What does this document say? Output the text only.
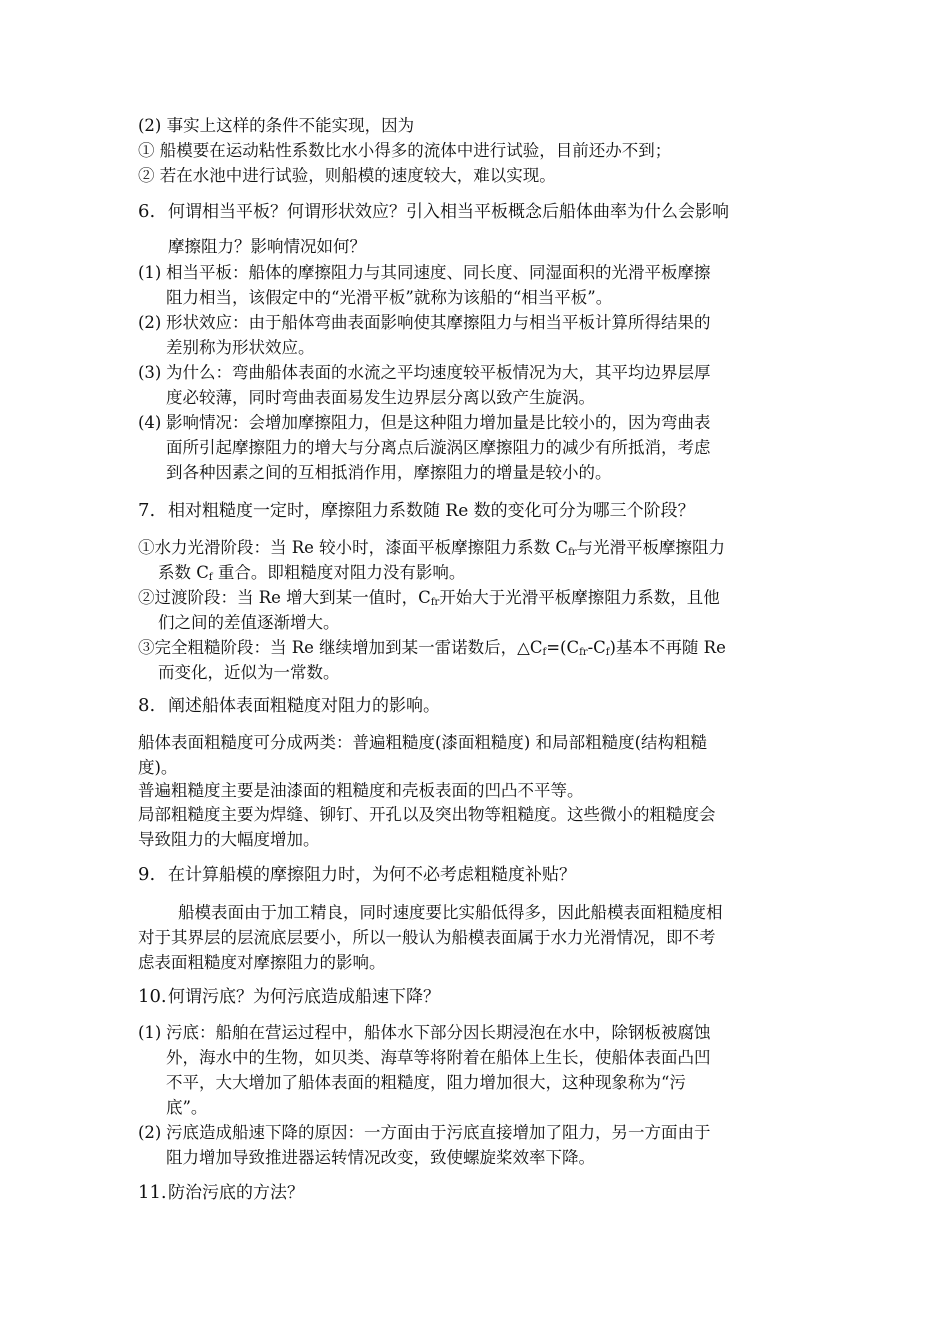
(2) 事实上这样的条件不能实现，因为
① 船模要在运动粘性系数比水小得多的流体中进行试验，目前还办不到；
② 若在水池中进行试验，则船模的速度较大，难以实现。
6. 何谓相当平板？何谓形状效应？引入相当平板概念后船体曲率为什么会影响
摩擦阻力？影响情况如何？
(1) 相当平板：船体的摩擦阻力与其同速度、同长度、同湿面积的光滑平板摩擦
阻力相当，该假定中的“光滑平板”就称为该船的“相当平板”。
(2) 形状效应：由于船体弯曲表面影响使其摩擦阻力与相当平板计算所得结果的
差别称为形状效应。
(3) 为什么：弯曲船体表面的水流之平均速度较平板情况为大，其平均边界层厚
度必较薄，同时弯曲表面易发生边界层分离以致产生旋涡。
(4) 影响情况：会增加摩擦阻力，但是这种阻力增加量是比较小的，因为弯曲表
面所引起摩擦阻力的增大与分离点后漩涡区摩擦阻力的减少有所抵消，考虑
到各种因素之间的互相抵消作用，摩擦阻力的增量是较小的。
7. 相对粗糙度一定时，摩擦阻力系数随 Re 数的变化可分为哪三个阶段？
①水力光滑阶段：当 Re 较小时，漆面平板摩擦阻力系数 $C_{fr}$与光滑平板摩擦阻力
系数 $C_f$ 重合。即粗糙度对阻力没有影响。
②过渡阶段：当 Re 增大到某一值时，$C_{fr}$开始大于光滑平板摩擦阻力系数，且他
们之间的差值逐渐增大。
③完全粗糙阶段：当 Re 继续增加到某一雷诺数后，$\triangle C_f=(C_{fr}-C_f)$基本不再随 Re
而变化，近似为一常数。
8. 阐述船体表面粗糙度对阻力的影响。
船体表面粗糙度可分成两类：普遍粗糙度(漆面粗糙度) 和局部粗糙度(结构粗糙
度)。
普遍粗糙度主要是油漆面的粗糙度和壳板表面的凹凸不平等。
局部粗糙度主要为焊缝、铆钉、开孔以及突出物等粗糙度。这些微小的粗糙度会
导致阻力的大幅度增加。
9. 在计算船模的摩擦阻力时，为何不必考虑粗糙度补贴？
船模表面由于加工精良，同时速度要比实船低得多，因此船模表面粗糙度相
对于其界层的层流底层要小，所以一般认为船模表面属于水力光滑情况，即不考
虑表面粗糙度对摩擦阻力的影响。
10.何谓污底？为何污底造成船速下降？
(1) 污底：船舶在营运过程中，船体水下部分因长期浸泡在水中，除钢板被腐蚀
外，海水中的生物，如贝类、海草等将附着在船体上生长，使船体表面凸凹
不平，大大增加了船体表面的粗糙度，阻力增加很大，这种现象称为“污
底”。
(2) 污底造成船速下降的原因：一方面由于污底直接增加了阻力，另一方面由于
阻力增加导致推进器运转情况改变，致使螺旋桨效率下降。
11.防治污底的方法？
